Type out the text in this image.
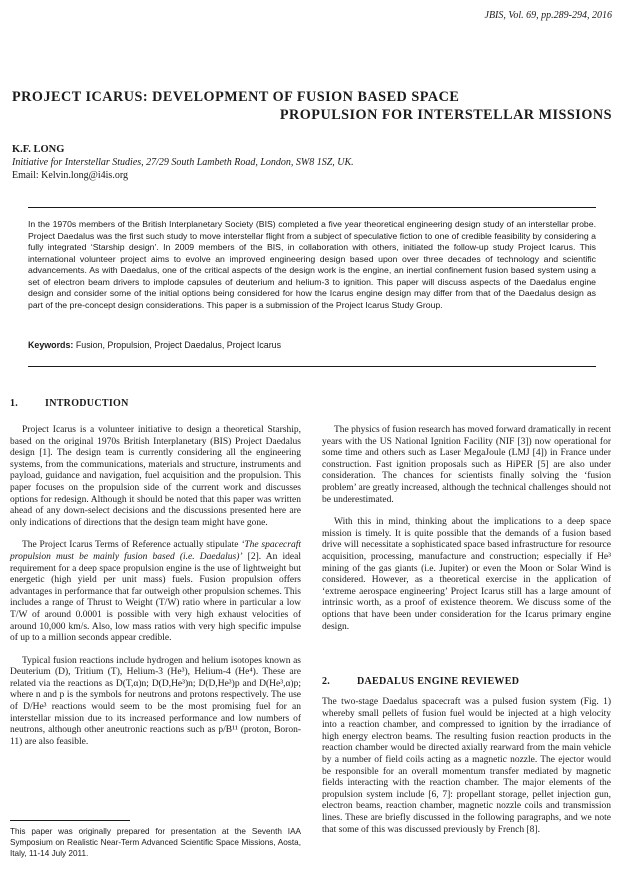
JBIS, Vol. 69, pp.289-294, 2016
PROJECT ICARUS: DEVELOPMENT OF FUSION BASED SPACE
PROPULSION FOR INTERSTELLAR MISSIONS
K.F. LONG
Initiative for Interstellar Studies, 27/29 South Lambeth Road, London, SW8 1SZ, UK.
Email: Kelvin.long@i4is.org
In the 1970s members of the British Interplanetary Society (BIS) completed a five year theoretical engineering design study of an interstellar probe. Project Daedalus was the first such study to move interstellar flight from a subject of speculative fiction to one of credible feasibility by considering a fully integrated ‘Starship design’. In 2009 members of the BIS, in collaboration with others, initiated the follow-up study Project Icarus. This international volunteer project aims to evolve an improved engineering design based upon over three decades of technology and scientific advancements. As with Daedalus, one of the critical aspects of the design work is the engine, an inertial confinement fusion based system using a set of electron beam drivers to implode capsules of deuterium and helium-3 to ignition. This paper will discuss aspects of the Daedalus engine design and consider some of the initial options being considered for how the Icarus engine design may differ from that of the Daedalus design as part of the pre-concept design considerations. This paper is a submission of the Project Icarus Study Group.
Keywords: Fusion, Propulsion, Project Daedalus, Project Icarus
1.	INTRODUCTION

Project Icarus is a volunteer initiative to design a theoretical Starship, based on the original 1970s British Interplanetary (BIS) Project Daedalus design [1]. The design team is currently considering all the engineering systems, from the communications, materials and structure, instruments and payload, guidance and navigation, fuel acquisition and the propulsion. This paper focuses on the propulsion side of the current work and discusses options for redesign. Although it should be noted that this paper was written ahead of any down-select decisions and the discussions presented here are only indications of directions that the design team might have gone.

The Project Icarus Terms of Reference actually stipulate ‘The spacecraft propulsion must be mainly fusion based (i.e. Daedalus)’ [2]. An ideal requirement for a deep space propulsion engine is the use of lightweight but energetic (high yield per unit mass) fuels. Fusion propulsion offers advantages in performance that far outweigh other propulsion schemes. This includes a range of Thrust to Weight (T/W) ratio where in particular a low T/W of around 0.0001 is possible with very high exhaust velocities of around 10,000 km/s. Also, low mass ratios with very high specific impulse of up to a million seconds appear credible.

Typical fusion reactions include hydrogen and helium isotopes known as Deuterium (D), Tritium (T), Helium-3 (He³), Helium-4 (He⁴). These are related via the reactions as D(T,α)n; D(D,He³)n; D(D,He³)p and D(He³,α)p; where n and p is the symbols for neutrons and protons respectively. The use of D/He³ reactions would seem to be the most promising fuel for an interstellar mission due to its increased performance and low numbers of neutrons, although other aneutronic reactions such as p/B¹¹ (proton, Boron-11) are also feasible.

This paper was originally prepared for presentation at the Seventh IAA Symposium on Realistic Near-Term Advanced Scientific Space Missions, Aosta, Italy, 11-14 July 2011.

The physics of fusion research has moved forward dramatically in recent years with the US National Ignition Facility (NIF [3]) now operational for some time and others such as Laser MegaJoule (LMJ [4]) in France under construction. Fast ignition proposals such as HiPER [5] are also under consideration. The chances for scientists finally solving the ‘fusion problem’ are greatly increased, although the technical challenges should not be underestimated.

With this in mind, thinking about the implications to a deep space mission is timely. It is quite possible that the demands of a fusion based drive will necessitate a sophisticated space based infrastructure for resource acquisition, processing, manufacture and construction; especially if He³ mining of the gas giants (i.e. Jupiter) or even the Moon or Solar Wind is considered. However, as a theoretical exercise in the application of ‘extreme aerospace engineering’ Project Icarus still has a large amount of intrinsic worth, as a proof of existence theorem. We discuss some of the options that have been under consideration for the Icarus primary engine design.

2.	DAEDALUS ENGINE REVIEWED

The two-stage Daedalus spacecraft was a pulsed fusion system (Fig. 1) whereby small pellets of fusion fuel would be injected at a high velocity into a reaction chamber, and compressed to ignition by the irradiance of high energy electron beams. The resulting fusion reaction products in the reaction chamber would be directed axially rearward from the main vehicle by a number of field coils acting as a magnetic nozzle. The ejector would be responsible for an overall momentum transfer mediated by magnetic fields interacting with the reaction chamber. The major elements of the propulsion system include [6, 7]: propellant storage, pellet injection gun, electron beams, reaction chamber, magnetic nozzle coils and transmission lines. These are briefly discussed in the following paragraphs, and we note that some of this was discussed previously by French [8].
